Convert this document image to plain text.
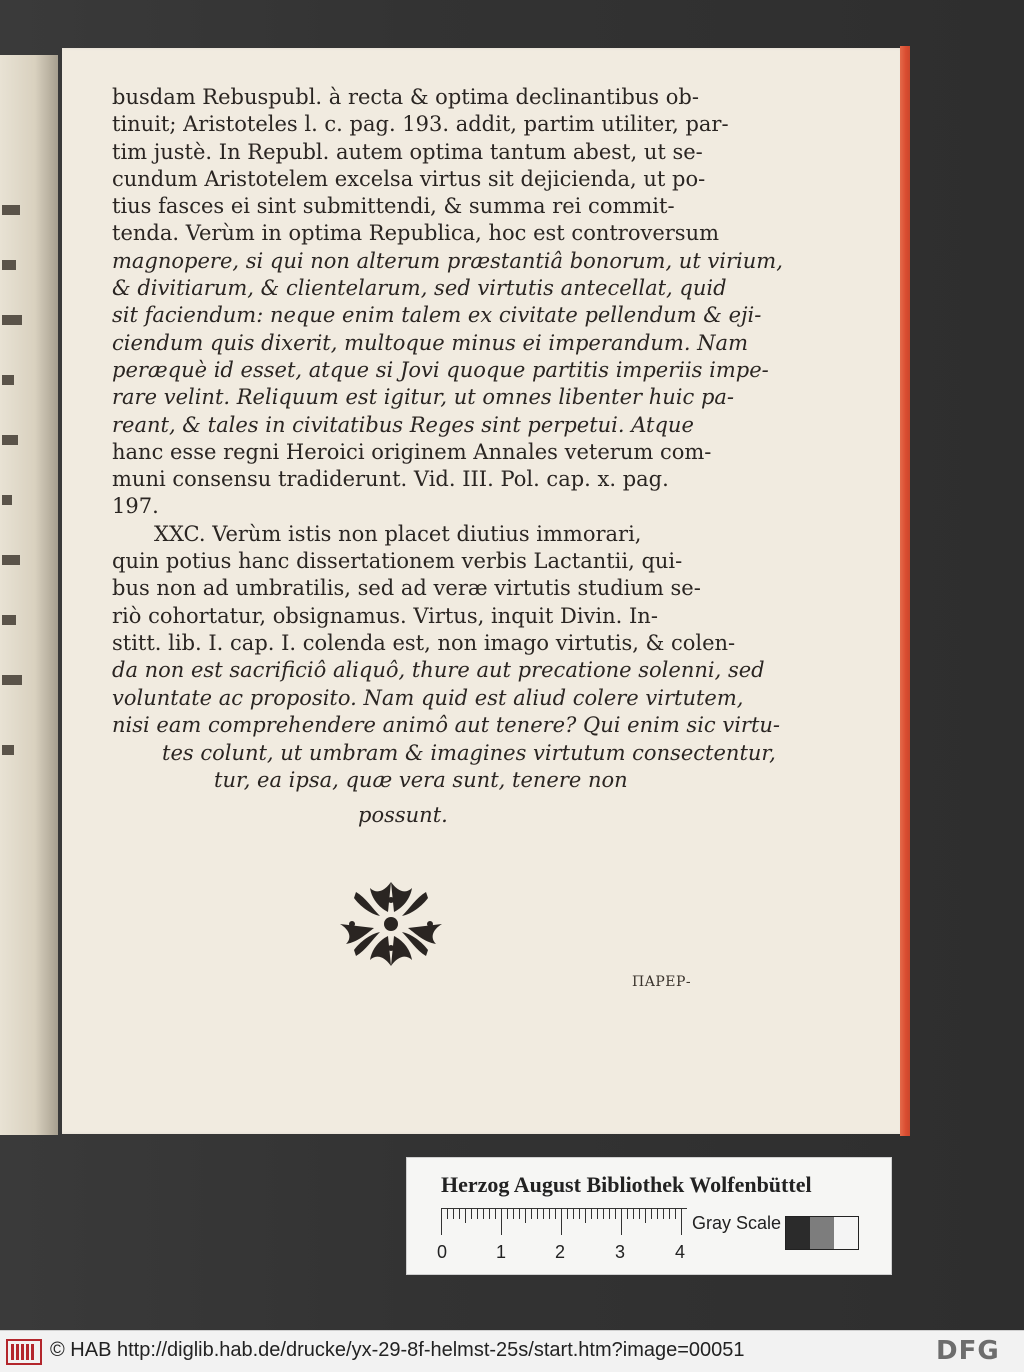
busdam Rebuspubl. à recta & optima declinantibus ob-
tinuit; Aristoteles l. c. pag. 193. addit, partim utiliter, par-
tim justè. In Republ. autem optima tantum abest, ut se-
cundum Aristotelem excelsa virtus sit dejicienda, ut po-
tius fasces ei sint submittendi, & summa rei commit-
tenda. Verùm in optima Republica, hoc est controversum
magnopere, si qui non alterum præstantiâ bonorum, ut virium,
& divitiarum, & clientelarum, sed virtutis antecellat, quid
sit faciendum: neque enim talem ex civitate pellendum & eji-
ciendum quis dixerit, multoque minus ei imperandum. Nam
peræquè id esset, atque si Jovi quoque partitis imperiis impe-
rare velint. Reliquum est igitur, ut omnes libenter huic pa-
reant, & tales in civitatibus Reges sint perpetui. Atque
hanc esse regni Heroici originem Annales veterum com-
muni consensu tradiderunt. Vid. III. Pol. cap. x. pag.
197.
XXC. Verùm istis non placet diutius immorari,
quin potius hanc dissertationem verbis Lactantii, qui-
bus non ad umbratilis, sed ad veræ virtutis studium se-
riò cohortatur, obsignamus. Virtus, inquit Divin. In-
stitt. lib. I. cap. I. colenda est, non imago virtutis, & colen-
da non est sacrificiô aliquô, thure aut precatione solenni, sed
voluntate ac proposito. Nam quid est aliud colere virtutem,
nisi eam comprehendere animô aut tenere? Qui enim sic virtu-
tes colunt, ut umbram & imagines virtutum consectentur,
tur, ea ipsa, quæ vera sunt, tenere non
possunt.
ΠΑΡΕΡ-
Herzog August Bibliothek Wolfenbüttel
0	1	2	3	4
Gray Scale
© HAB http://diglib.hab.de/drucke/yx-29-8f-helmst-25s/start.htm?image=00051	DFG
